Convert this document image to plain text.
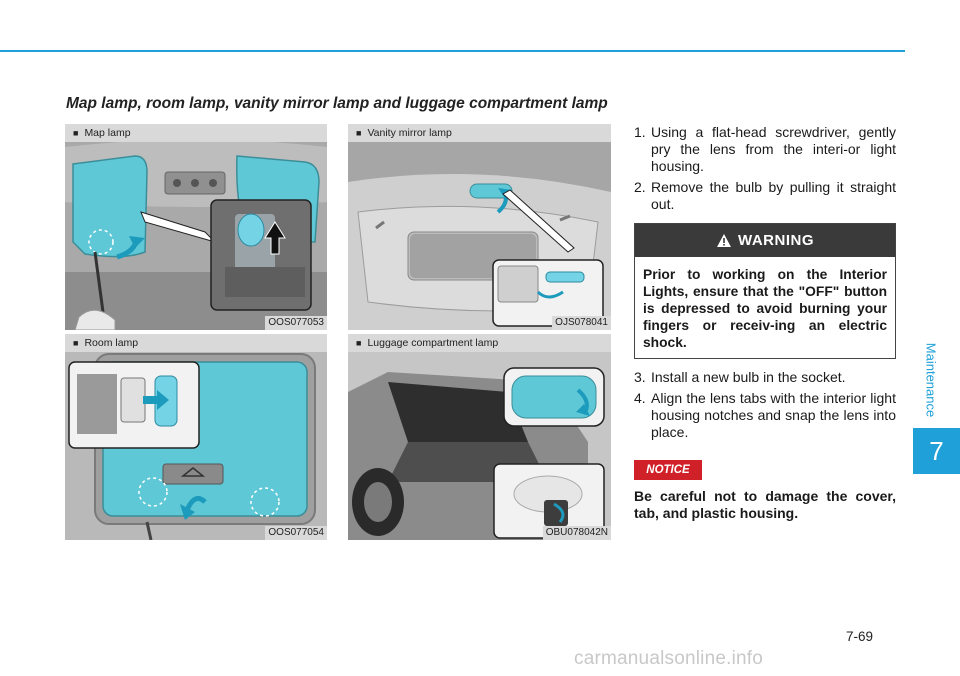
Maintenance
7
Map lamp, room lamp, vanity mirror lamp and luggage compartment lamp
■ Map lamp
OOS077053
■ Vanity mirror lamp
OJS078041
■ Room lamp
OOS077054
■ Luggage compartment lamp
OBU078042N
1. Using a flat-head screwdriver, gently pry the lens from the interi-or light housing.
2. Remove the bulb by pulling it straight out.
WARNING
Prior to working on the Interior Lights, ensure that the "OFF" button is depressed to avoid burning your fingers or receiv-ing an electric shock.
3. Install a new bulb in the socket.
4. Align the lens tabs with the interior light housing notches and snap the lens into place.
NOTICE
Be careful not to damage the cover, tab, and plastic housing.
7-69
carmanualsonline.info
